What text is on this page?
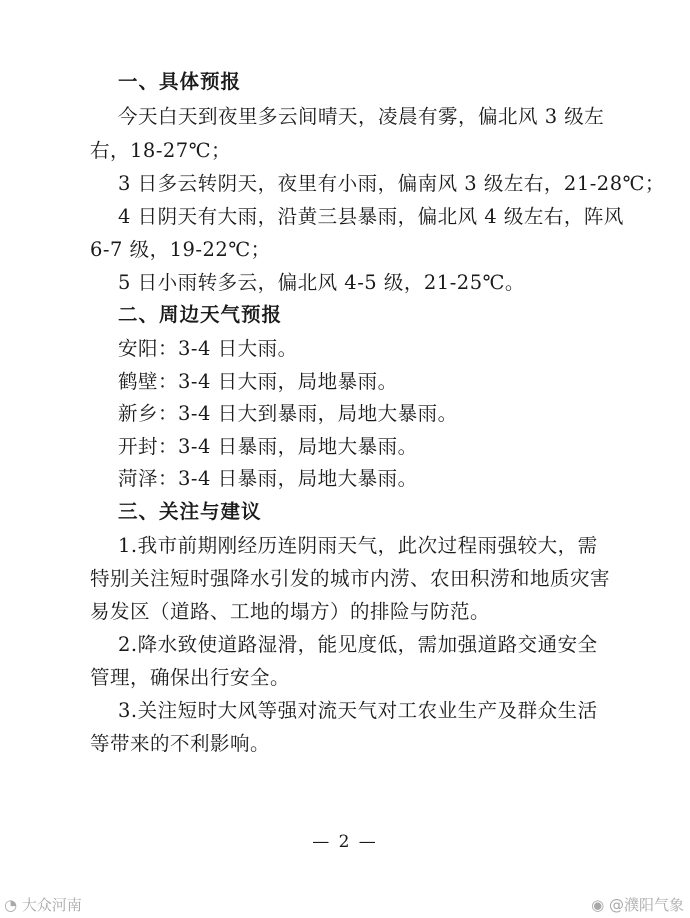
一、具体预报
今天白天到夜里多云间晴天，凌晨有雾，偏北风 3 级左
右，18-27℃；
3 日多云转阴天，夜里有小雨，偏南风 3 级左右，21-28℃；
4 日阴天有大雨，沿黄三县暴雨，偏北风 4 级左右，阵风
6-7 级，19-22℃；
5 日小雨转多云，偏北风 4-5 级，21-25℃。
二、周边天气预报
安阳：3-4 日大雨。
鹤壁：3-4 日大雨，局地暴雨。
新乡：3-4 日大到暴雨，局地大暴雨。
开封：3-4 日暴雨，局地大暴雨。
菏泽：3-4 日暴雨，局地大暴雨。
三、关注与建议
1.我市前期刚经历连阴雨天气，此次过程雨强较大，需
特别关注短时强降水引发的城市内涝、农田积涝和地质灾害
易发区（道路、工地的塌方）的排险与防范。
2.降水致使道路湿滑，能见度低，需加强道路交通安全
管理，确保出行安全。
3.关注短时大风等强对流天气对工农业生产及群众生活
等带来的不利影响。
— 2 —
◔ 大众河南	◉ @濮阳气象
